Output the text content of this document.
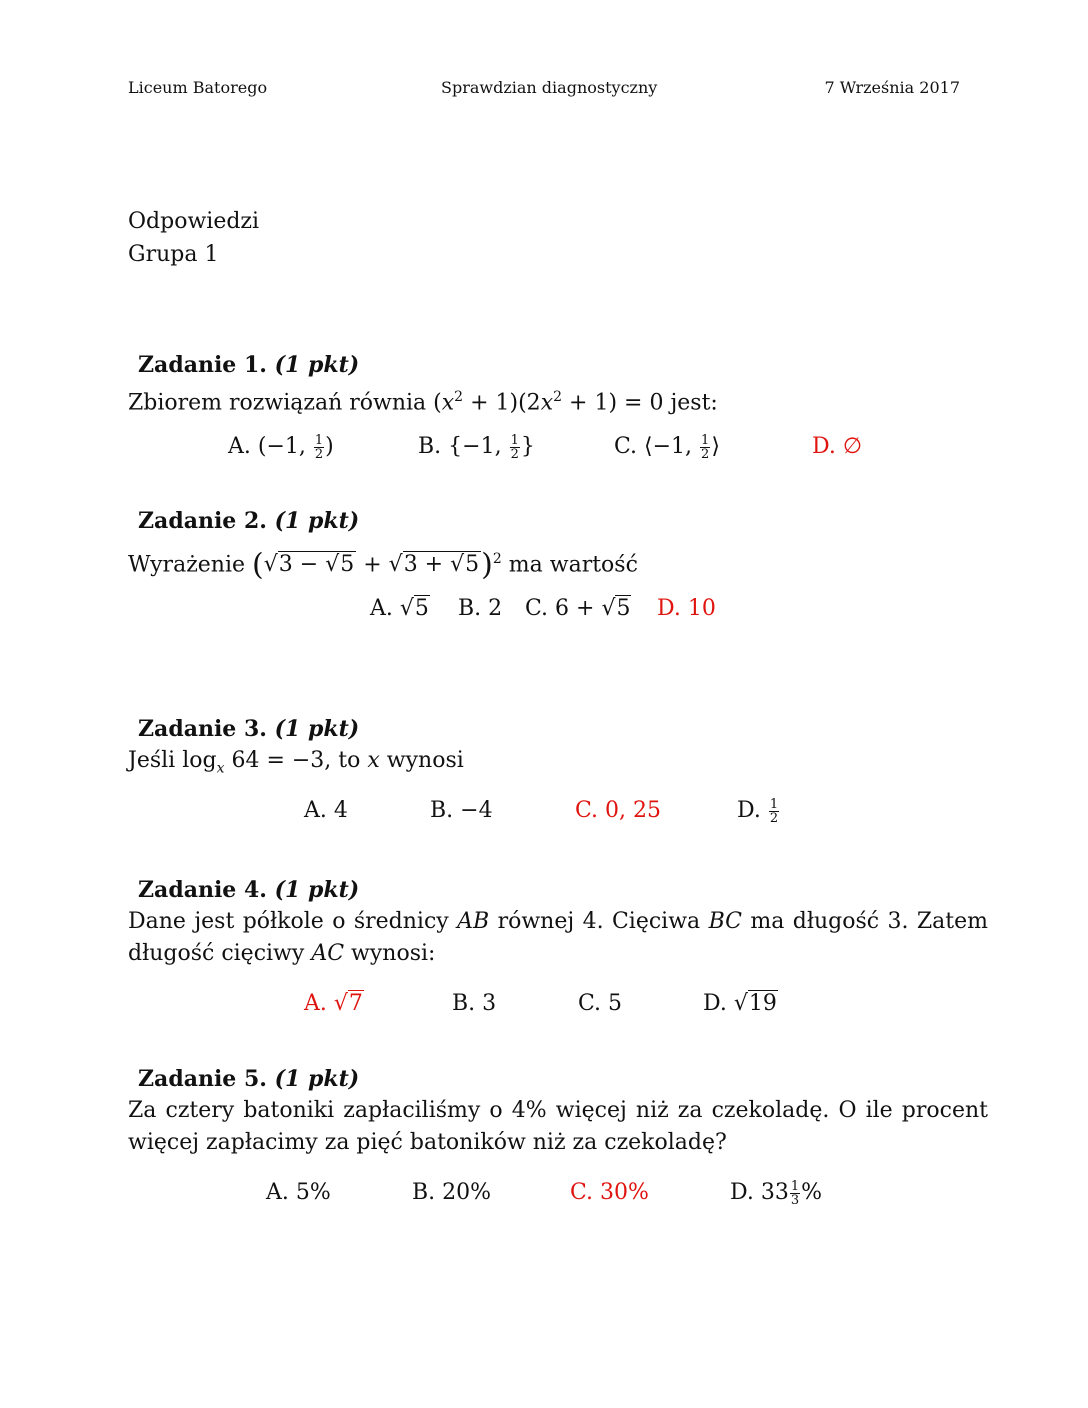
Liceum Batorego	Sprawdzian diagnostyczny	7 Września 2017
Odpowiedzi
Grupa 1
Zadanie 1. (1 pkt)
Zbiorem rozwiązań równia $(x^2 + 1)(2x^2 + 1) = 0$ jest:
A. (−1, $\frac{1}{2}$ )	B. {−1, $\frac{1}{2}$ }	C. ⟨−1, $\frac{1}{2}$ ⟩	D. ∅
Zadanie 2. (1 pkt)
Wyrażenie $(√3 - √5 + √3 + √5)^2$ ma wartość
A. √5 B. 2 C. 6 + √5 D. 10
Zadanie 3. (1 pkt)
Jeśli $\log_x 64 = -3$, to x wynosi
A. 4	B. −4	C. 0, 25	D. $\frac{1}{2}$
Zadanie 4. (1 pkt)
Dane jest półkole o średnicy AB równej 4. Cięciwa BC ma długość 3. Zatem długość cięciwy AC wynosi:
A. √7	B. 3	C. 5	D. √19
Zadanie 5. (1 pkt)
Za cztery batoniki zapłaciliśmy o 4% więcej niż za czekoladę. O ile procent więcej zapłacimy za pięć batoników niż za czekoladę?
A. 5%	B. 20%	C. 30%	D. $33 \frac{1}{3}$ %
